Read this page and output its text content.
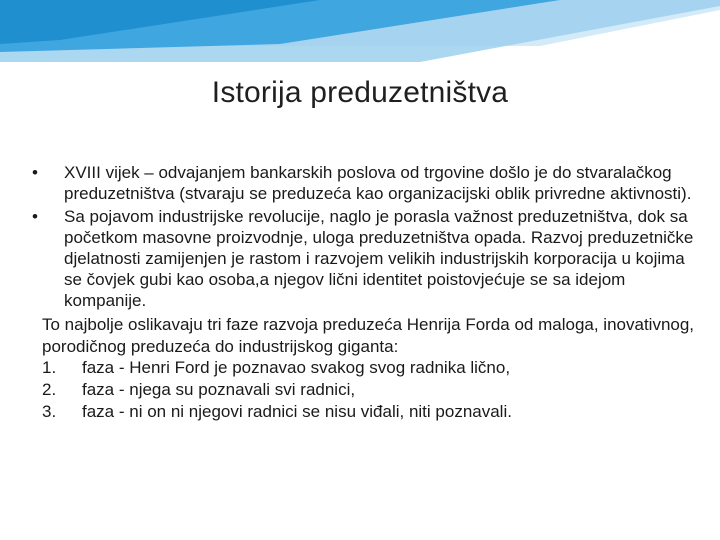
Istorija preduzetništva
• XVIII vijek – odvajanjem bankarskih poslova od trgovine došlo je do stvaralačkog preduzetništva (stvaraju se preduzeća kao organizacijski oblik privredne aktivnosti).
• Sa pojavom industrijske revolucije, naglo je porasla važnost preduzetništva, dok sa početkom masovne proizvodnje, uloga preduzetništva opada. Razvoj preduzetničke djelatnosti zamijenjen je rastom i razvojem velikih industrijskih korporacija u kojima se čovjek gubi kao osoba,a njegov lični identitet poistovjećuje se sa idejom kompanije.
To najbolje oslikavaju tri faze razvoja preduzeća Henrija Forda od maloga, inovativnog, porodičnog preduzeća do industrijskog giganta:
1.	faza - Henri Ford je poznavao svakog svog radnika lično,
2.	faza - njega su poznavali svi radnici,
3.	faza - ni on ni njegovi radnici se nisu viđali, niti poznavali.
